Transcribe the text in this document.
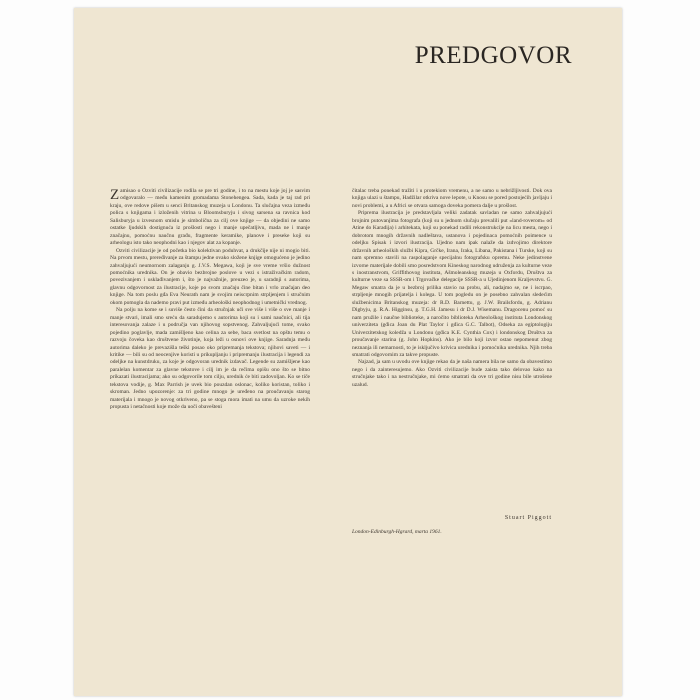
PREDGOVOR

Zamisao o Ozviti civilizacije rodila se pre tri godine, i to na mestu koje joj je sasvim odgovaralo — među kamenim gromadama Stonehengea. Sada, kada je taj rad pri kraju, ove redove pišem u senci Britanskog muzeja u Londonu. Ta slučajna veza između polica s knjigama i izloženih vitrina u Bloomsburyju i sivog sarsena sa ravnica kod Salisburyja u izvesnom smislu je simbolična za cilj ove knjige — da objedini ne samo ostatke ljudskih dostignuća iz prošlosti nego i manje upečatljivu, mada ne i manje značajnu, pomoćnu naučnu građu, fragmente keramike, planove i preseke koji su arheologu isto tako neophodni kao i njegov alat za kopanje.

Ozviti civilizacije je od početka bio kolektivan poduhvat, a drukčije nije ni mogio biti. Na prvom mestu, preređivanje za štampu jedne ovako složene knjige omogućeno je jedino zahvaljujući neumornom zalaganju g. J.V.S. Megawa, koji je sve vreme vršio dužnost pomoćnika urednika. On je obavio bezbrojne poslove u vezi s istraživačkim radom, povezivanjem i usklađivanjem i, što je najvažnije, preuzeo je, u saradnji s autorima, glavnu odgovornost za ilustracije, koje po svom značaju čine bitan i vrlo značajan deo knjige. Na tom poslu gđa Eva Neurath nam je svojim neiscrpnim strpljenjem i stručnim okom pomogla da nademo pravi put između arheološki neophodnog i umetnički vrednog.

Na polju na kome se i suviše često čini da stručnjak uči sve više i više o sve manje i manje stvari, imali smo sreću da saradujemo s autorima koji su i sami naučnici, ali tija interesovanja zalaze i u područja van njihovog sopstvenog. Zahvaljujući tome, svako pojedino poglavlje, mada zamišljeno kao celina za sebe, baca svetlost na opštu temu o razvoju čoveka kao društvene životinje, koja leži u osnovi ove knjige. Saradnja među autorima daleko je prevazišla teški posao oko pripremanja tekstova; njihovi saveti — i kritike — bili su od neocenjive koristi u prikupljanju i pripremanju ilustracija i legendi za odeljke na kunstdruku, za koje je odgovoran urednik izdavač. Legende su zamišljene kao paralelan komentar za glavne tekstove i cilj im je da rečima opišu ono što se bitno prikazati ilustracijama; ako su odgovorile tom cilju, urednik će biti zadovoljan. Ko se tiče tekstova vodije, g. Max Parrish je uvek bio pouzdan oslonac, koliko koristan, toliko i skroman. Jedno upozorenje: za tri godine mnogo je uređeno na proučavanju starog materijala i mnogo je novog otkriveno, pa se stoga mora imati na umu da uzroke nekih propusta i netačnosti koje može da uoči obavešteni

čitalac treba ponekad tražiti i u protekiom vremenu, a ne samo u nebrižljivosti. Dok ova knjiga ulazi u štampu, Hadžilar otkriva nove lepote, u Knosu se pored postojećih javljaju i novi problemi, a u Africi se otvara samoga doveka pomera dalje u prošlost.

Priprema ilustracija je predstavljala veliki zadatak savladan ne samo zahvaljujući brojnim putovanjima fotografa (koji su u jednom slučaju prevalili put »land-roverom« od Atine do Karadija) i arhitekata, koji su ponekad radili rekonstrukcije na licu mesta, nego i dobrotom mnogih državnih nadleštava, ustanova i pojedinaca pomoćnih poimence u odeljku Spisak i izvori ilustracija. Ujedno nam ipak nalaže da izdvojimo direktore državnih arheoloških službi Kipra, Grčke, Irana, Iraka, Libana, Pakistana i Turske, koji su nam spremno stavili na raspolaganje specijalnu fotografsku opremu. Neke jedinstvene izvorne materijale dobili smo posredstvom Kineskog narodnog udruženja za kulturne veze s inostranstvom, Griffithovog instituta, Ašmoleanskog muzeja u Oxfordu, Društva za kulturne veze sa SSSR-om i Trgovačke delegacije SSSR-a u Ujedinjenom Kraljevstvu. G. Megaw smatra da je u bezbroj prilika stavio na probu, ali, nadajmo se, ne i iscrpao, strpljenje mnogih prijatelja i kolega. U tom pogledu on je posebno zahvalan sledećim službenicima Britanskog muzeja: dr R.D. Barnettu, g. J.W. Brailsfordu, g. Adrianu Digbyju, g. R.A. Higginsu, g. T.G.H. Jamesu i dr D.J. Wisemanu. Dragocenu pomoć su nam pružile i naučne biblioteke, a naročito biblioteka Arheološkog instituta Londonskog univerziteta (gđica Joan du Plat Taylor i gđica G.C. Talbot), Odseka za egiptologiju Univerzitetskog koledža u Londonu (gđica K.E. Cynthia Cox) i londonskog Društva za proučavanje starina (g. John Hopkins). Ako je bilo koji izvor ostao nepomenut zbog neznanja ili nemarnosti, to je isključivo krivica urednika i pomoćnika urednika. Njih treba smatrati odgovornim za takve propuste.

Najzad, ja sam u uvodu ove knjige rekao da je naša namera bila ne samo da obavestimo nego i da zainteresujemo. Ako Ozviti civilizacije bude zaista tako delovao kako na stručnjake tako i na nestručnjake, mi ćemo smatrati da ove tri godine nisu bile utrošene uzalud.

Stuart Piggott
London-Edinburgh-Hgrard, marta 1961.
